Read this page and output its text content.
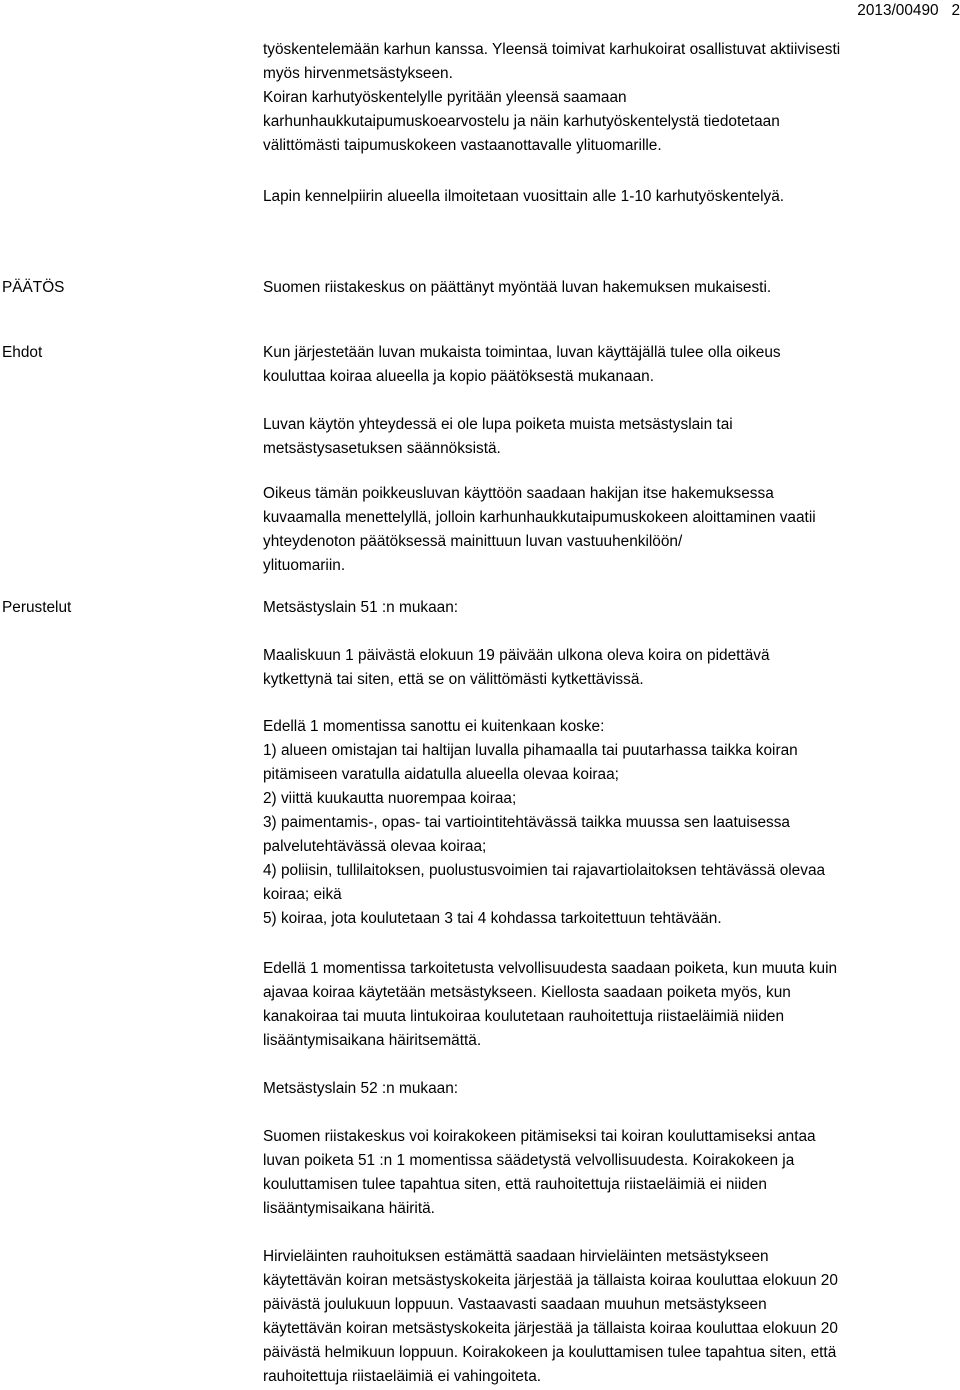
2013/00490 2
työskentelemään karhun kanssa. Yleensä toimivat karhukoirat osallistuvat aktiivisesti
myös hirvenmetsästykseen.
Koiran karhutyöskentelylle pyritään yleensä saamaan
karhunhaukkutaipumuskoearvostelu ja näin karhutyöskentelystä tiedotetaan
välittömästi taipumuskokeen vastaanottavalle ylituomarille.
Lapin kennelpiirin alueella ilmoitetaan vuosittain alle 1-10 karhutyöskentelyä.
PÄÄTÖS	Suomen riistakeskus on päättänyt myöntää luvan hakemuksen mukaisesti.
Ehdot	Kun järjestetään luvan mukaista toimintaa, luvan käyttäjällä tulee olla oikeus
kouluttaa koiraa alueella ja kopio päätöksestä mukanaan.
Luvan käytön yhteydessä ei ole lupa poiketa muista metsästyslain tai
metsästysasetuksen säännöksistä.
Oikeus tämän poikkeusluvan käyttöön saadaan hakijan itse hakemuksessa
kuvaamalla menettelyllä, jolloin karhunhaukkutaipumuskokeen aloittaminen vaatii
yhteydenoton päätöksessä mainittuun luvan vastuuhenkilöön/
ylituomariin.
Perustelut	Metsästyslain 51 :n mukaan:
Maaliskuun 1 päivästä elokuun 19 päivään ulkona oleva koira on pidettävä
kytkettynä tai siten, että se on välittömästi kytkettävissä.
Edellä 1 momentissa sanottu ei kuitenkaan koske:
1) alueen omistajan tai haltijan luvalla pihamaalla tai puutarhassa taikka koiran
pitämiseen varatulla aidatulla alueella olevaa koiraa;
2) viittä kuukautta nuorempaa koiraa;
3) paimentamis-, opas- tai vartiointitehtävässä taikka muussa sen laatuisessa
palvelutehtävässä olevaa koiraa;
4) poliisin, tullilaitoksen, puolustusvoimien tai rajavartiolaitoksen tehtävässä olevaa
koiraa; eikä
5) koiraa, jota koulutetaan 3 tai 4 kohdassa tarkoitettuun tehtävään.
Edellä 1 momentissa tarkoitetusta velvollisuudesta saadaan poiketa, kun muuta kuin
ajavaa koiraa käytetään metsästykseen. Kiellosta saadaan poiketa myös, kun
kanakoiraa tai muuta lintukoiraa koulutetaan rauhoitettuja riistaeläimiä niiden
lisääntymisaikana häiritsemättä.
Metsästyslain 52 :n mukaan:
Suomen riistakeskus voi koirakokeen pitämiseksi tai koiran kouluttamiseksi antaa
luvan poiketa 51 :n 1 momentissa säädetystä velvollisuudesta. Koirakokeen ja
kouluttamisen tulee tapahtua siten, että rauhoitettuja riistaeläimiä ei niiden
lisääntymisaikana häiritä.
Hirvieläinten rauhoituksen estämättä saadaan hirvieläinten metsästykseen
käytettävän koiran metsästyskokeita järjestää ja tällaista koiraa kouluttaa elokuun 20
päivästä joulukuun loppuun. Vastaavasti saadaan muuhun metsästykseen
käytettävän koiran metsästyskokeita järjestää ja tällaista koiraa kouluttaa elokuun 20
päivästä helmikuun loppuun. Koirakokeen ja kouluttamisen tulee tapahtua siten, että
rauhoitettuja riistaeläimiä ei vahingoiteta.
